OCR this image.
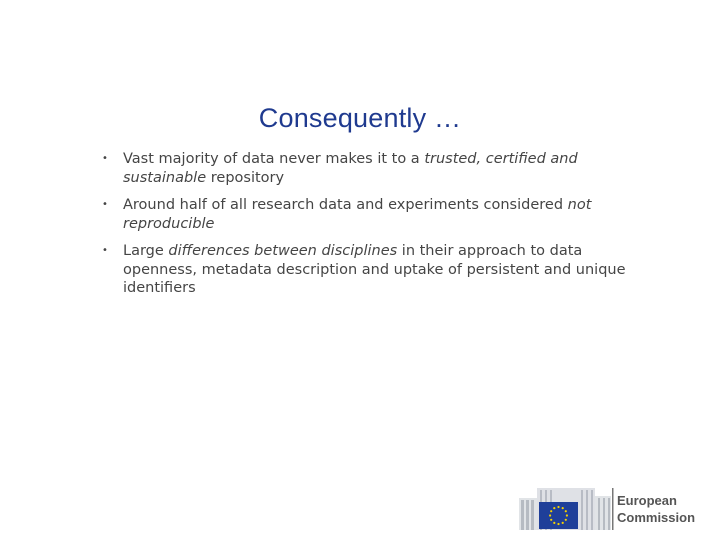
Consequently …
• Vast majority of data never makes it to a trusted, certified and sustainable repository
• Around half of all research data and experiments considered not reproducible
• Large differences between disciplines in their approach to data openness, metadata description and uptake of persistent and unique identifiers
European
Commission
